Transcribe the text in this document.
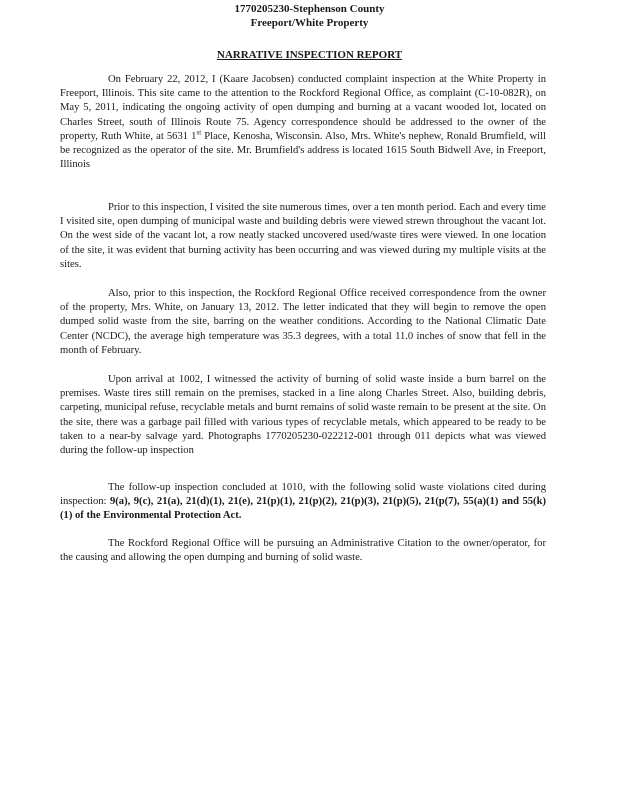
1770205230-Stephenson County
Freeport/White Property
NARRATIVE INSPECTION REPORT

On February 22, 2012, I (Kaare Jacobsen) conducted complaint inspection at the White Property in Freeport, Illinois. This site came to the attention to the Rockford Regional Office, as complaint (C-10-082R), on May 5, 2011, indicating the ongoing activity of open dumping and burning at a vacant wooded lot, located on Charles Street, south of Illinois Route 75. Agency correspondence should be addressed to the owner of the property, Ruth White, at 5631 1st Place, Kenosha, Wisconsin. Also, Mrs. White's nephew, Ronald Brumfield, will be recognized as the operator of the site. Mr. Brumfield's address is located 1615 South Bidwell Ave, in Freeport, Illinois

Prior to this inspection, I visited the site numerous times, over a ten month period. Each and every time I visited site, open dumping of municipal waste and building debris were viewed strewn throughout the vacant lot. On the west side of the vacant lot, a row neatly stacked uncovered used/waste tires were viewed. In one location of the site, it was evident that burning activity has been occurring and was viewed during my multiple visits at the sites.

Also, prior to this inspection, the Rockford Regional Office received correspondence from the owner of the property, Mrs. White, on January 13, 2012. The letter indicated that they will begin to remove the open dumped solid waste from the site, barring on the weather conditions. According to the National Climatic Date Center (NCDC), the average high temperature was 35.3 degrees, with a total 11.0 inches of snow that fell in the month of February.

Upon arrival at 1002, I witnessed the activity of burning of solid waste inside a burn barrel on the premises. Waste tires still remain on the premises, stacked in a line along Charles Street. Also, building debris, carpeting, municipal refuse, recyclable metals and burnt remains of solid waste remain to be present at the site. On the site, there was a garbage pail filled with various types of recyclable metals, which appeared to be ready to be taken to a near-by salvage yard. Photographs 1770205230-022212-001 through 011 depicts what was viewed during the follow-up inspection

The follow-up inspection concluded at 1010, with the following solid waste violations cited during inspection: 9(a), 9(c), 21(a), 21(d)(1), 21(e), 21(p)(1), 21(p)(2), 21(p)(3), 21(p)(5), 21(p(7), 55(a)(1) and 55(k)(1) of the Environmental Protection Act.

The Rockford Regional Office will be pursuing an Administrative Citation to the owner/operator, for the causing and allowing the open dumping and burning of solid waste.
